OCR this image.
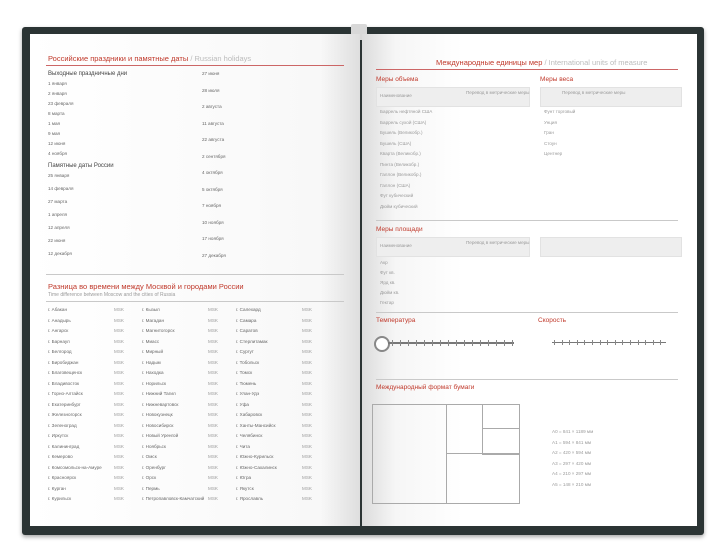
Российские праздники и памятные даты / Russian holidays
Выходные праздничные дни
1 января
2 января
23 февраля
8 марта
1 мая
9 мая
12 июня
4 ноября
Памятные даты России
25 января
14 февраля
27 марта
1 апреля
12 апреля
22 июня
12 декабря
27 июня
28 июля
2 августа
11 августа
22 августа
2 сентября
4 октября
5 октября
7 ноября
10 ноября
17 ноября
27 декабря
Разница во времени между Москвой и городами России
Time difference between Moscow and the cities of Russia
г. Абакан	MSK
г. Анадырь	MSK
г. Ангарск	MSK
г. Барнаул	MSK
г. Белгород	MSK
г. Биробиджан	MSK
г. Благовещенск	MSK
г. Владивосток	MSK
г. Горно-Алтайск	MSK
г. Екатеринбург	MSK
г. Железногорск	MSK
г. Зеленоград	MSK
г. Иркутск	MSK
г. Калининград	MSK
г. Кемерово	MSK
г. Комсомольск-на-Амуре	MSK
г. Красноярск	MSK
г. Курган	MSK
г. Курильск	MSK
г. Кызыл	MSK
г. Магадан	MSK
г. Магнитогорск	MSK
г. Миасс	MSK
г. Мирный	MSK
г. Надым	MSK
г. Находка	MSK
г. Норильск	MSK
г. Нижний Тагил	MSK
г. Нижневартовск	MSK
г. Новокузнецк	MSK
г. Новосибирск	MSK
г. Новый Уренгой	MSK
г. Ноябрьск	MSK
г. Омск	MSK
г. Оренбург	MSK
г. Орск	MSK
г. Пермь	MSK
г. Петропавловск-Камчатский MSK
г. Салехард	MSK
г. Самара	MSK
г. Саратов	MSK
г. Стерлитамак	MSK
г. Сургут	MSK
г. Тобольск	MSK
г. Томск	MSK
г. Тюмень	MSK
г. Улан-Удэ	MSK
г. Уфа	MSK
г. Хабаровск	MSK
г. Ханты-Мансийск	MSK
г. Челябинск	MSK
г. Чита	MSK
г. Южно-Курильск	MSK
г. Южно-Сахалинск	MSK
г. Югра	MSK
г. Якутск	MSK
г. Ярославль	MSK
Международные единицы мер / International units of measure
Меры объема
Наименование
Перевод в метрические меры
Баррель нефтяной США
Баррель сухой (США)
Бушель (Великобр.)
Бушель (США)
Кварта (Великобр.)
Пинта (Великобр.)
Галлон (Великобр.)
Галлон (США)
Фут кубический
Дюйм кубический
Меры веса
Перевод в метрические меры
Фунт торговый
Унция
Гран
Стоун
Центнер
Меры площади
Наименование
Перевод в метрические меры
Акр
Фут кв.
Ярд кв.
Дюйм кв.
Гектар
Температура	Скорость
Международный формат бумаги
А0 = 841 × 1189 мм
А1 = 594 × 841 мм
А2 = 420 × 594 мм
А3 = 297 × 420 мм
А4 = 210 × 297 мм
А5 = 148 × 210 мм
